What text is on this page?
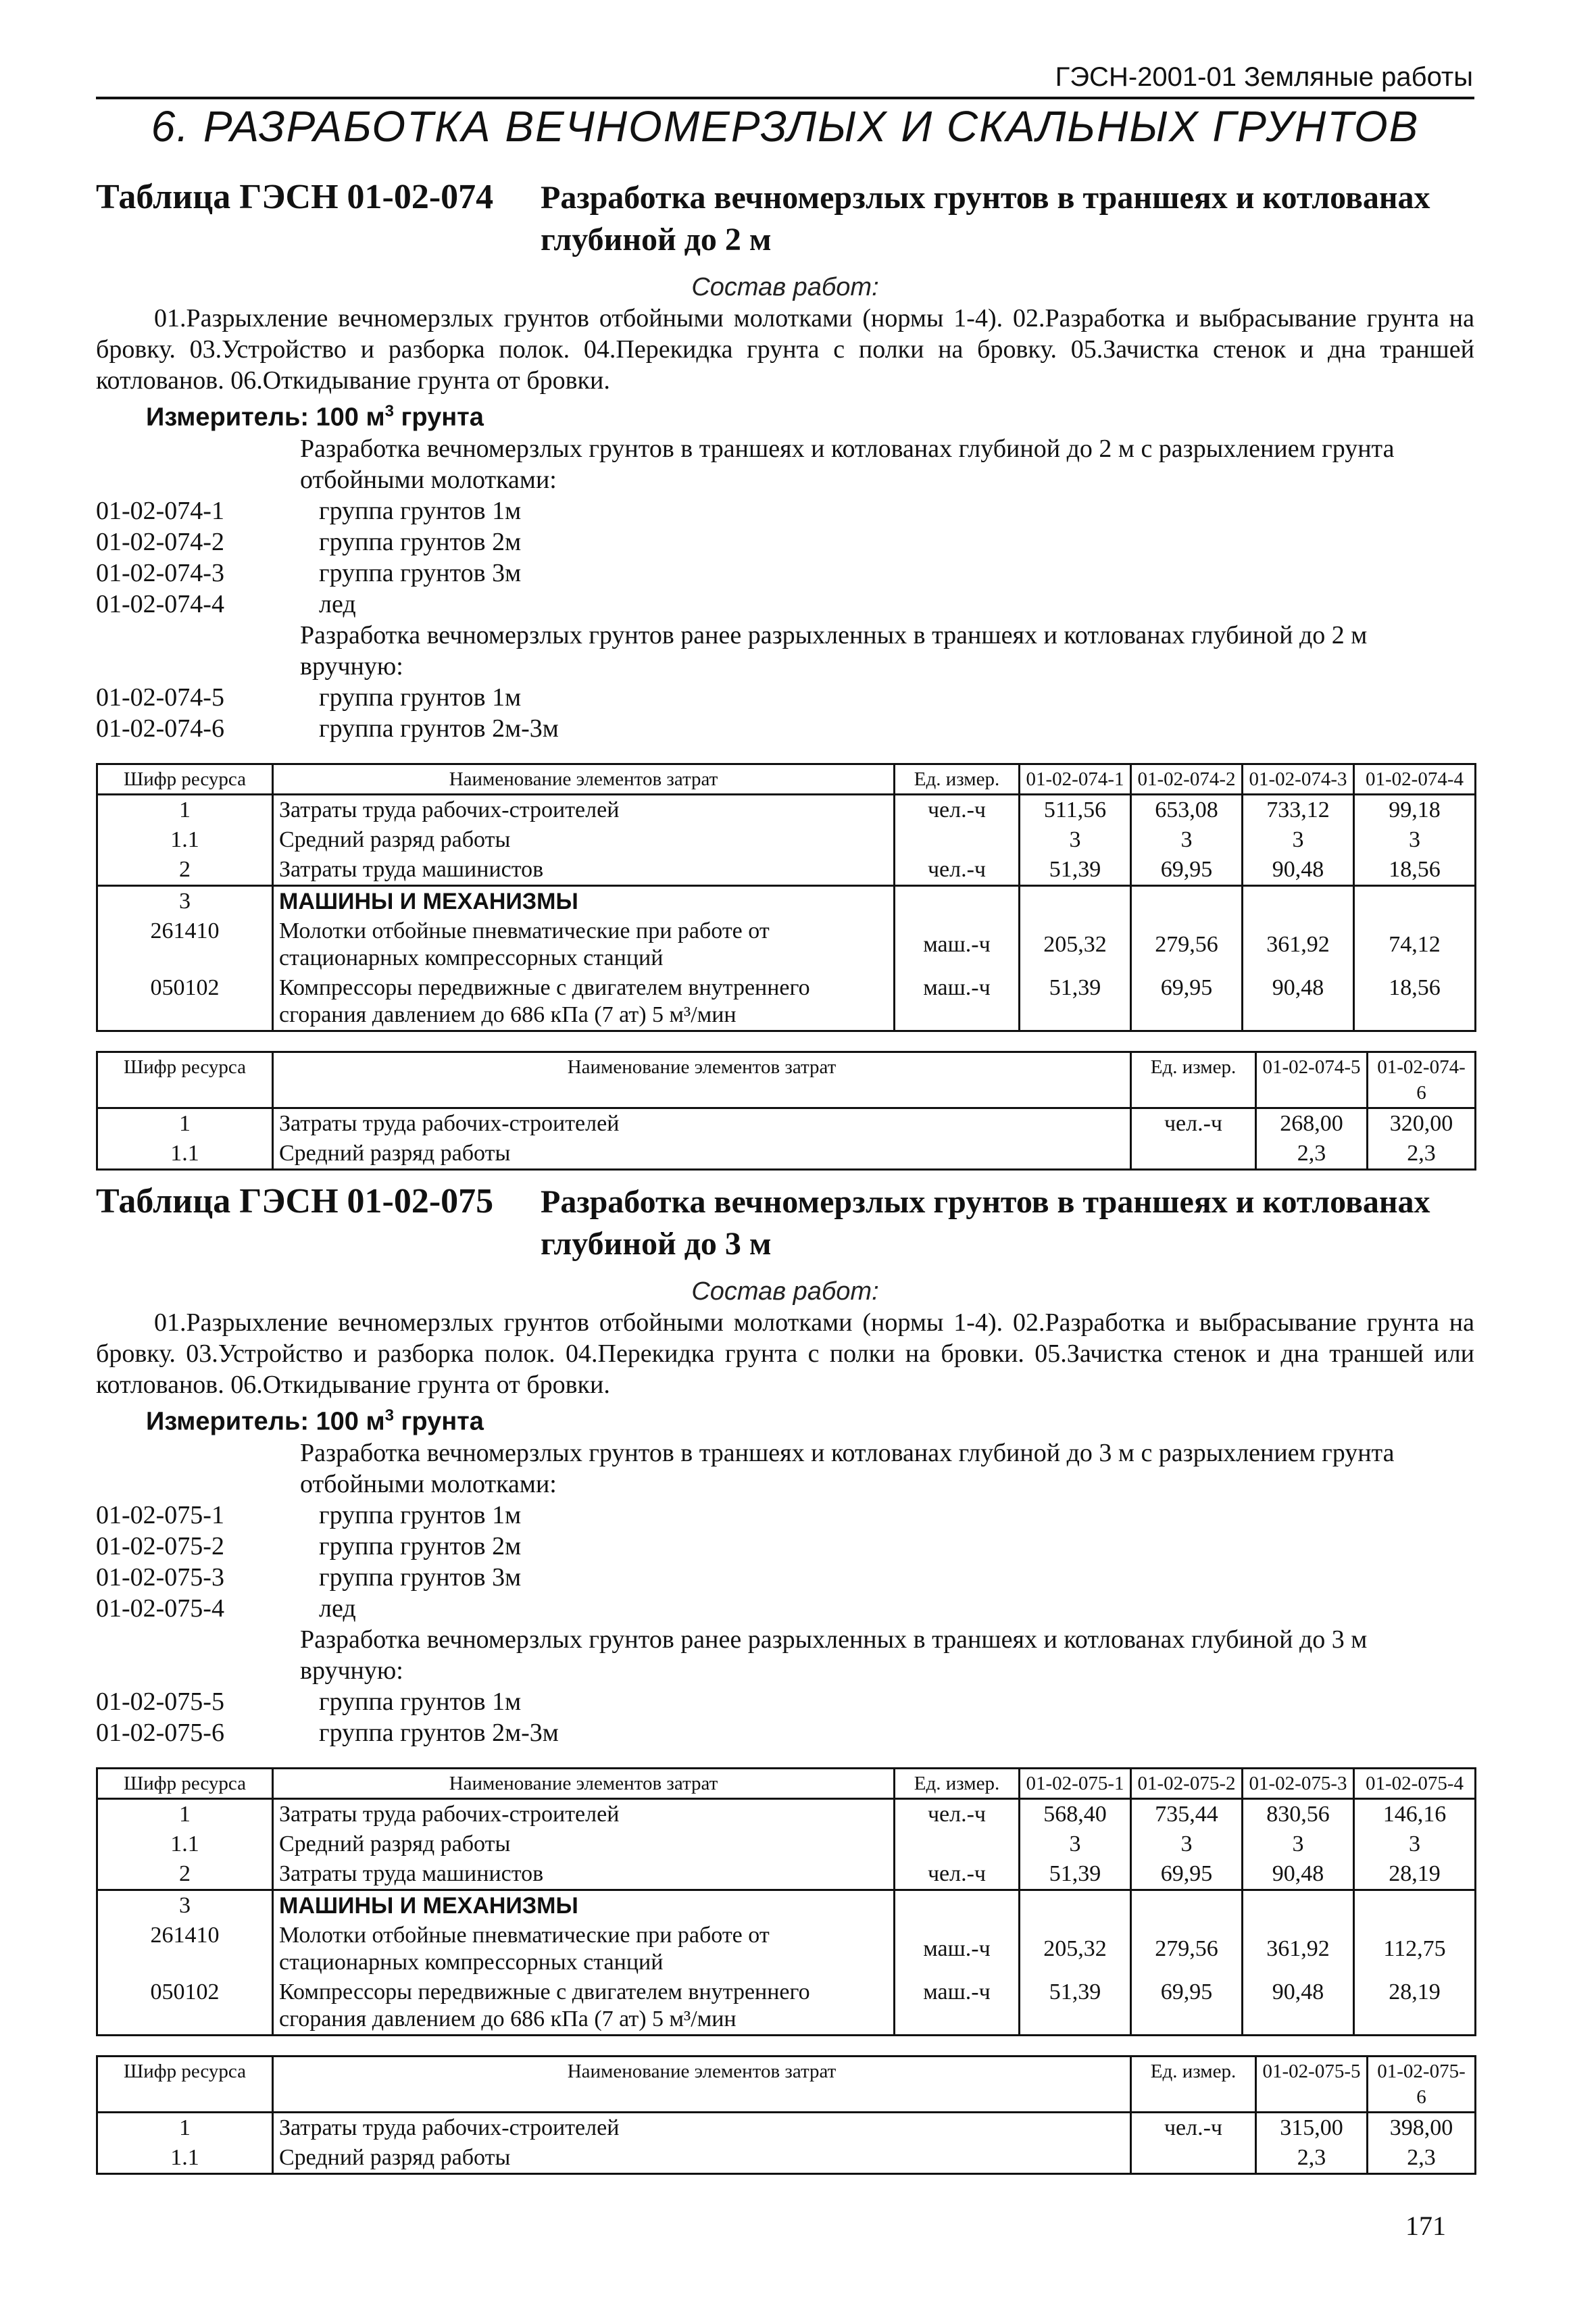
ГЭСН-2001-01 Земляные работы
6. РАЗРАБОТКА ВЕЧНОМЕРЗЛЫХ И СКАЛЬНЫХ ГРУНТОВ
Таблица ГЭСН 01-02-074 Разработка вечномерзлых грунтов в траншеях и котлованах глубиной до 2 м
Состав работ:

01.Разрыхление вечномерзлых грунтов отбойными молотками (нормы 1-4). 02.Разработка и выбрасывание грунта на бровку. 03.Устройство и разборка полок. 04.Перекидка грунта с полки на бровку. 05.Зачистка стенок и дна траншей котлованов. 06.Откидывание грунта от бровки.

Измеритель: 100 $м^3$ грунта
Разработка вечномерзлых грунтов в траншеях и котлованах глубиной до 2 м с разрыхлением грунта отбойными молотками:
01-02-074-1	группа грунтов 1м
01-02-074-2	группа грунтов 2м
01-02-074-3	группа грунтов 3м
01-02-074-4	лед
Разработка вечномерзлых грунтов ранее разрыхленных в траншеях и котлованах глубиной до 2 м вручную:
01-02-074-5	группа грунтов 1м
01-02-074-6	группа грунтов 2м-3м
Шифр ресурса	Наименование элементов затрат	Ед. измер.	01-02-074-1	01-02-074-2	01-02-074-3	01-02-074-4
1	Затраты труда рабочих-строителей	чел.-ч	511,56	653,08	733,12	99,18
1.1	Средний разряд работы		3	3	3	3
2	Затраты труда машинистов	чел.-ч	51,39	69,95	90,48	18,56
3	МАШИНЫ И МЕХАНИЗМЫ					
261410	Молотки отбойные пневматические при работе от стационарных компрессорных станций	маш.-ч	205,32	279,56	361,92	74,12
050102	Компрессоры передвижные с двигателем внутреннего сгорания давлением до 686 кПа (7 ат) 5 м³/мин	маш.-ч	51,39	69,95	90,48	18,56
Шифр ресурса	Наименование элементов затрат	Ед. измер.	01-02-074-5	01-02-074-6
1	Затраты труда рабочих-строителей	чел.-ч	268,00	320,00
1.1	Средний разряд работы		2,3	2,3
Таблица ГЭСН 01-02-075 Разработка вечномерзлых грунтов в траншеях и котлованах глубиной до 3 м
Состав работ:

01.Разрыхление вечномерзлых грунтов отбойными молотками (нормы 1-4). 02.Разработка и выбрасывание грунта на бровку. 03.Устройство и разборка полок. 04.Перекидка грунта с полки на бровки. 05.Зачистка стенок и дна траншей или котлованов. 06.Откидывание грунта от бровки.

Измеритель: 100 $м^3$ грунта
Разработка вечномерзлых грунтов в траншеях и котлованах глубиной до 3 м с разрыхлением грунта отбойными молотками:
01-02-075-1	группа грунтов 1м
01-02-075-2	группа грунтов 2м
01-02-075-3	группа грунтов 3м
01-02-075-4	лед
Разработка вечномерзлых грунтов ранее разрыхленных в траншеях и котлованах глубиной до 3 м вручную:
01-02-075-5	группа грунтов 1м
01-02-075-6	группа грунтов 2м-3м
Шифр ресурса	Наименование элементов затрат	Ед. измер.	01-02-075-1	01-02-075-2	01-02-075-3	01-02-075-4
1	Затраты труда рабочих-строителей	чел.-ч	568,40	735,44	830,56	146,16
1.1	Средний разряд работы		3	3	3	3
2	Затраты труда машинистов	чел.-ч	51,39	69,95	90,48	28,19
3	МАШИНЫ И МЕХАНИЗМЫ					
261410	Молотки отбойные пневматические при работе от стационарных компрессорных станций	маш.-ч	205,32	279,56	361,92	112,75
050102	Компрессоры передвижные с двигателем внутреннего сгорания давлением до 686 кПа (7 ат) 5 м³/мин	маш.-ч	51,39	69,95	90,48	28,19
Шифр ресурса	Наименование элементов затрат	Ед. измер.	01-02-075-5	01-02-075-6
1	Затраты труда рабочих-строителей	чел.-ч	315,00	398,00
1.1	Средний разряд работы		2,3	2,3
171
